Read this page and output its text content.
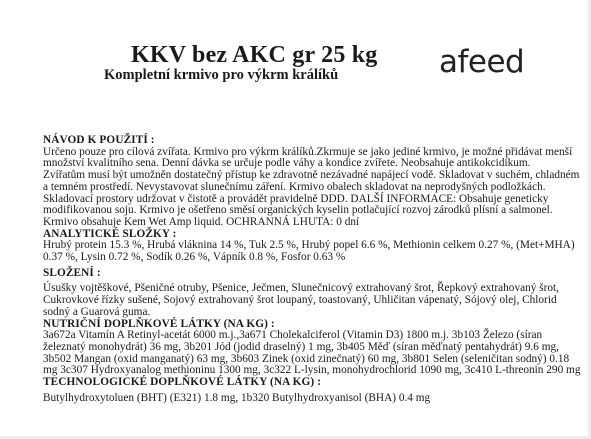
KKV bez AKC gr 25 kg
Kompletní krmivo pro výkrm králíků	afeed
NÁVOD K POUŽITÍ :
Určeno pouze pro cílová zvířata. Krmivo pro výkrm králíků.Zkrmuje se jako jediné krmivo, je možné přidávat menší
množství kvalitního sena. Denní dávka se určuje podle váhy a kondice zvířete. Neobsahuje antikokcidikum.
Zvířatům musí být umožněn dostatečný přístup ke zdravotně nezávadné napájecí vodě. Skladovat v suchém, chladném
a temném prostředí. Nevystavovat slunečnímu záření. Krmivo obalech skladovat na neprodyšných podložkách.
Skladovací prostory udržovat v čistotě a provádět pravidelně DDD. DALŠÍ INFORMACE: Obsahuje geneticky
modifikovanou soju. Krmivo je ošetřeno směsí organických kyselin potlačující rozvoj zárodků plísní a salmonel.
Krmivo obsahuje Kem Wet Amp liquid. OCHRANNÁ LHUTA: 0 dní
ANALYTICKÉ SLOŽKY :
Hrubý protein 15.3 %, Hrubá vláknina 14 %, Tuk 2.5 %, Hrubý popel 6.6 %, Methionin celkem 0.27 %, (Met+MHA)
0.37 %, Lysin 0.72 %, Sodík 0.26 %, Vápník 0.8 %, Fosfor 0.63 %
SLOŽENÍ :
Úsušky vojtěškové, Pšeničné otruby, Pšenice, Ječmen, Slunečnicový extrahovaný šrot, Řepkový extrahovaný šrot,
Cukrovkové řízky sušené, Sojový extrahovaný šrot loupaný, toastovaný, Uhličitan vápenatý, Sójový olej, Chlorid
sodný a Guarová guma.
NUTRIČNÍ DOPLŇKOVÉ LÁTKY (NA KG) :
3a672a Vitamín A Retinyl-acetát 6000 m.j.,3a671 Cholekalciferol (Vitamin D3) 1800 m.j. 3b103 Železo (síran
železnatý monohydrát) 36 mg, 3b201 Jód (jodid draselný) 1 mg, 3b405 Měď (síran měďnatý pentahydrát) 9.6 mg,
3b502 Mangan (oxid manganatý) 63 mg, 3b603 Zinek (oxid zinečnatý) 60 mg, 3b801 Selen (seleničitan sodný) 0.18
mg 3c307 Hydroxyanalog methioninu 1300 mg, 3c322 L-lysin, monohydrochlorid 1090 mg, 3c410 L-threonin 290 mg
TECHNOLOGICKÉ DOPLŇKOVÉ LÁTKY (NA KG) :
Butylhydroxytoluen (BHT) (E321) 1.8 mg, 1b320 Butylhydroxyanisol (BHA) 0.4 mg
